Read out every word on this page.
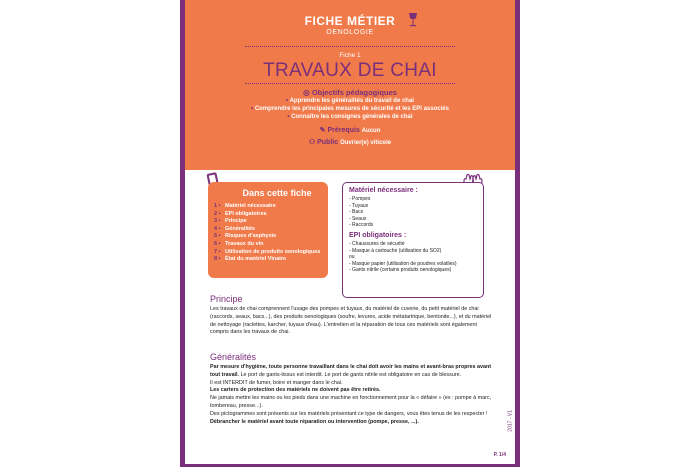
FICHE MÉTIER
OENOLOGIE
Fiche 1
TRAVAUX DE CHAI
◎ Objectifs pédagogiques
• Apprendre les généralités du travail de chai
• Comprendre les principales mesures de sécurité et les EPI associés
• Connaître les consignes générales de chai
✎ Prérequis Aucun
⚇ Public Ouvrier(e) viticole
Dans cette fiche
1 •	Matériel nécessaire
2 •	EPI obligatoires
3 •	Principe
4 •	Généralités
5 •	Risques d'asphyxie
6 •	Travaux du vin
7 •	Utilisation de produits oenologiques
8 •	État du matériel Vinaire
Matériel nécessaire :
- Pompes
- Tuyaux
- Bacs
- Seaux
- Raccords
EPI obligatoires :
- Chaussures de sécurité
- Masque à cartouche (utilisation du SO2)
ou
- Masque papier (utilisation de poudres volatiles)
- Gants nitrile (certains produits oenologiques)
Principe
Les travaux de chai comprennent l'usage des pompes et tuyaux, du matériel de cuverie, du petit matériel de chai (raccords, seaux, bacs...), des produits oenologiques (soufre, levures, acide métatartrique, bentonite...), et du matériel de nettoyage (raclettes, karcher, tuyaux d'eau). L'entretien et la réparation de tous ces matériels sont également compris dans les travaux de chai.
Généralités
Par mesure d'hygiène, toute personne travaillant dans le chai doit avoir les mains et avant-bras propres avant tout travail. Le port de gants-tissus est interdit. Le port de gants nitrile est obligatoire en cas de blessure.
Il est INTERDIT de fumer, boire et manger dans le chai.
Les carters de protection des matériels ne doivent pas être retirés.
Ne jamais mettre les mains ou les pieds dans une machine en fonctionnement pour la « défaire » (ex : pompe à marc, tombereau, presse...).
Des pictogrammes sont présents sur les matériels présentant ce type de dangers, vous êtes tenus de les respecter !
Débrancher le matériel avant toute réparation ou intervention (pompe, presse, ...).	2017 - V1
P. 1/4
